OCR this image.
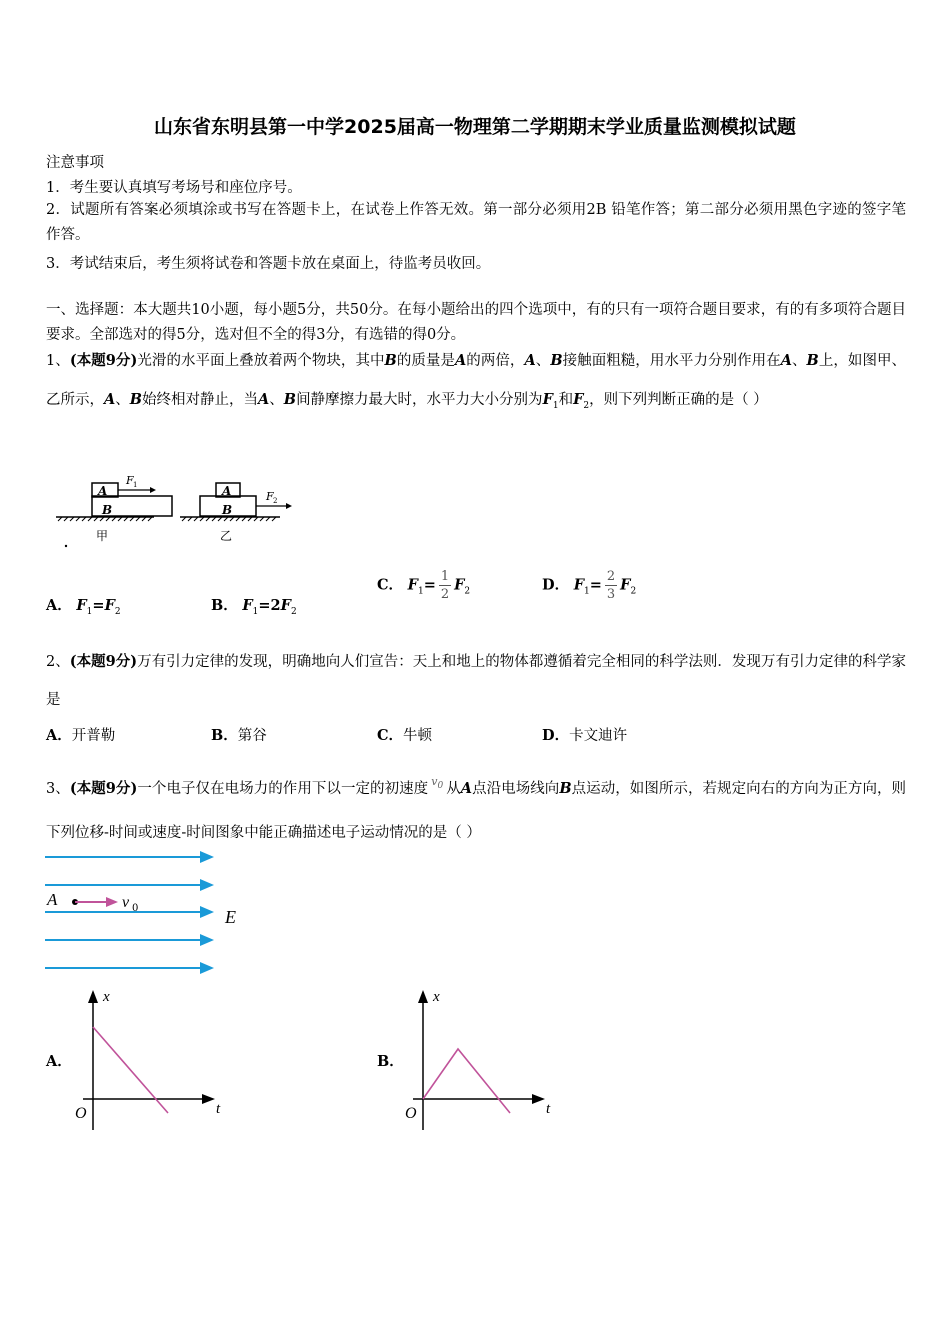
山东省东明县第一中学2025届高一物理第二学期期末学业质量监测模拟试题
注意事项
1．考生要认真填写考场号和座位序号。
2．试题所有答案必须填涂或书写在答题卡上，在试卷上作答无效。第一部分必须用2B 铅笔作答；第二部分必须用黑色字迹的签字笔作答。
3．考试结束后，考生须将试卷和答题卡放在桌面上，待监考员收回。
一、选择题：本大题共10小题，每小题5分，共50分。在每小题给出的四个选项中，有的只有一项符合题目要求，有的有多项符合题目要求。全部选对的得5分，选对但不全的得3分，有选错的得0分。
1、(本题9分)光滑的水平面上叠放着两个物块，其中B的质量是A的两倍，A、B接触面粗糙，用水平力分别作用在A、B上，如图甲、乙所示，A、B始终相对静止，当A、B间静摩擦力最大时，水平力大小分别为$F_1$和$F_2$，则下列判断正确的是（ ）
A
B
F 1
甲
A
B
F 2
乙
A． $F_1=F_2$	B． $F_1=2F_2$
C． $F_1= \frac{1}{2} F_2$	D． $F_1= \frac{2}{3} F_2$
2、(本题9分)万有引力定律的发现，明确地向人们宣告：天上和地上的物体都遵循着完全相同的科学法则．发现万有引力定律的科学家是
A．开普勒	B．第谷	C．牛顿	D．卡文迪许
3、(本题9分)一个电子仅在电场力的作用下以一定的初速度 $^{v_0}$ 从A点沿电场线向B点运动，如图所示，若规定向右的方向为正方向，则下列位移-时间或速度-时间图象中能正确描述电子运动情况的是（ ）
A	v 0	E
A．
x
t
O
B．
x
t
O
